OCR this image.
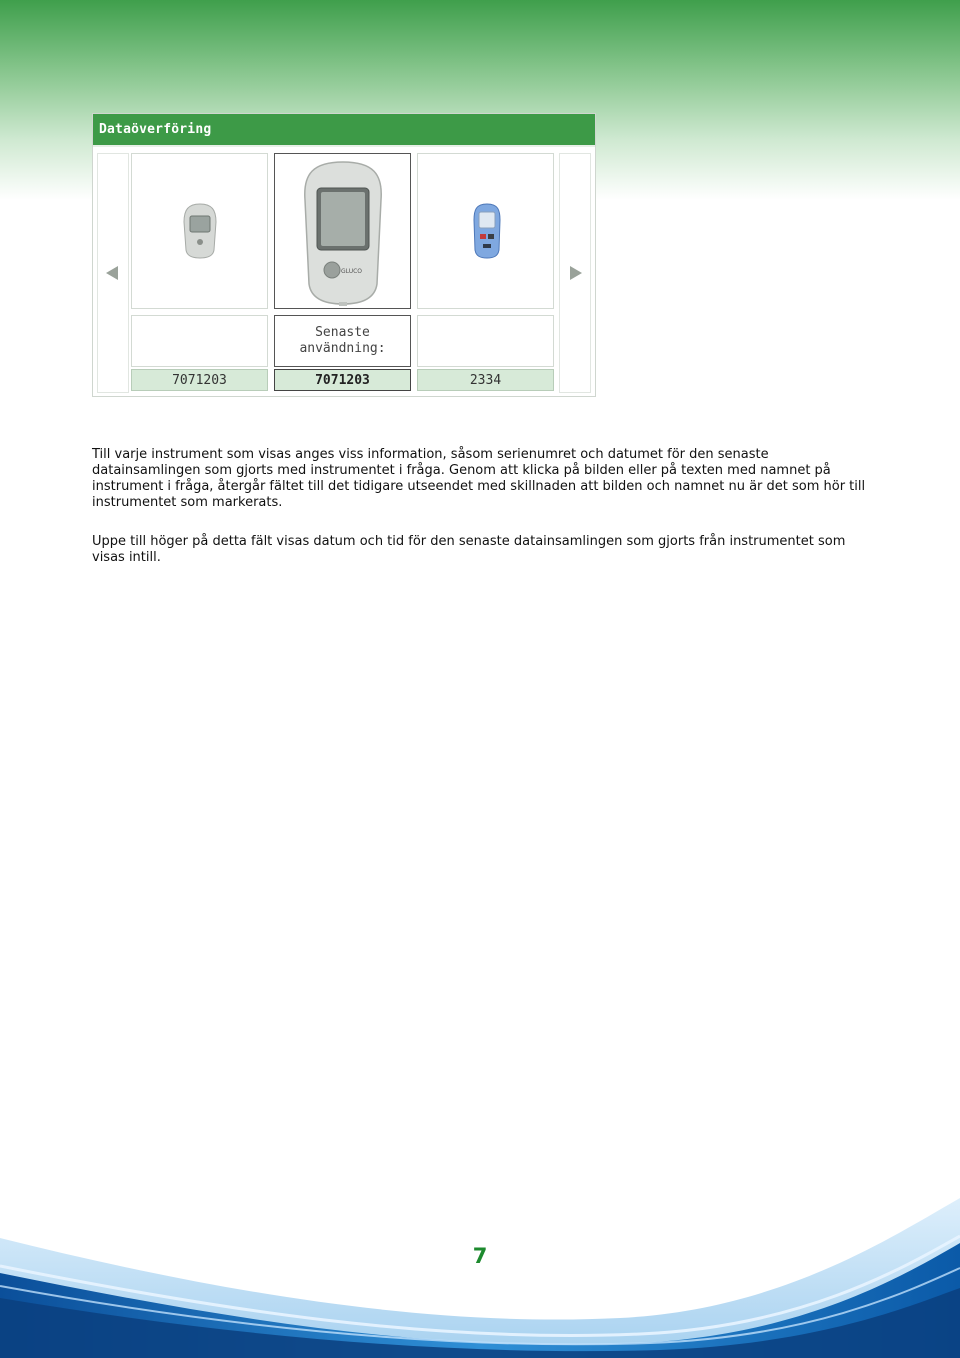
Dataöverföring
7071203
GLUCO
Senaste användning:
7071203	2334

Till varje instrument som visas anges viss information, såsom serienumret och datumet för den senaste datainsamlingen som gjorts med instrumentet i fråga. Genom att klicka på bilden eller på texten med namnet på instrument i fråga, återgår fältet till det tidigare utseendet med skillnaden att bilden och namnet nu är det som hör till instrumentet som markerats.

Uppe till höger på detta fält visas datum och tid för den senaste datainsamlingen som gjorts från instrumentet som visas intill.

7
